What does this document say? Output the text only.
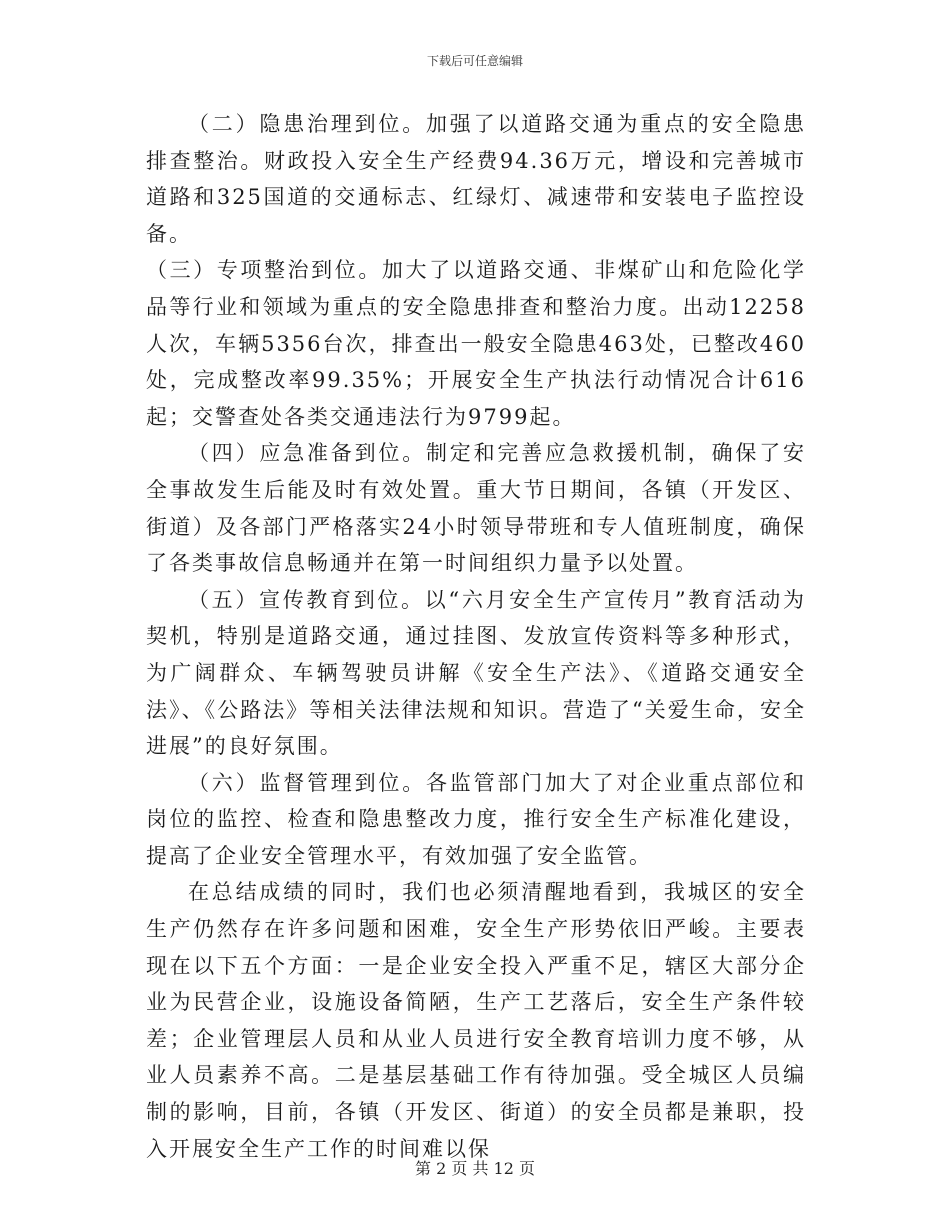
下载后可任意编辑

（二）隐患治理到位。加强了以道路交通为重点的安全隐患排查整治。财政投入安全生产经费94.36万元，增设和完善城市道路和325国道的交通标志、红绿灯、减速带和安装电子监控设备。

（三）专项整治到位。加大了以道路交通、非煤矿山和危险化学品等行业和领域为重点的安全隐患排查和整治力度。出动12258人次，车辆5356台次，排查出一般安全隐患463处，已整改460处，完成整改率99.35%；开展安全生产执法行动情况合计616起；交警查处各类交通违法行为9799起。

（四）应急准备到位。制定和完善应急救援机制，确保了安全事故发生后能及时有效处置。重大节日期间，各镇（开发区、街道）及各部门严格落实24小时领导带班和专人值班制度，确保了各类事故信息畅通并在第一时间组织力量予以处置。

（五）宣传教育到位。以“六月安全生产宣传月”教育活动为契机，特别是道路交通，通过挂图、发放宣传资料等多种形式，为广阔群众、车辆驾驶员讲解《安全生产法》、《道路交通安全法》、《公路法》等相关法律法规和知识。营造了“关爱生命，安全进展”的良好氛围。

（六）监督管理到位。各监管部门加大了对企业重点部位和岗位的监控、检查和隐患整改力度，推行安全生产标准化建设，提高了企业安全管理水平，有效加强了安全监管。

在总结成绩的同时，我们也必须清醒地看到，我城区的安全生产仍然存在许多问题和困难，安全生产形势依旧严峻。主要表现在以下五个方面：一是企业安全投入严重不足，辖区大部分企业为民营企业，设施设备简陋，生产工艺落后，安全生产条件较差；企业管理层人员和从业人员进行安全教育培训力度不够，从业人员素养不高。二是基层基础工作有待加强。受全城区人员编制的影响，目前，各镇（开发区、街道）的安全员都是兼职，投入开展安全生产工作的时间难以保

第 2 页 共 12 页
